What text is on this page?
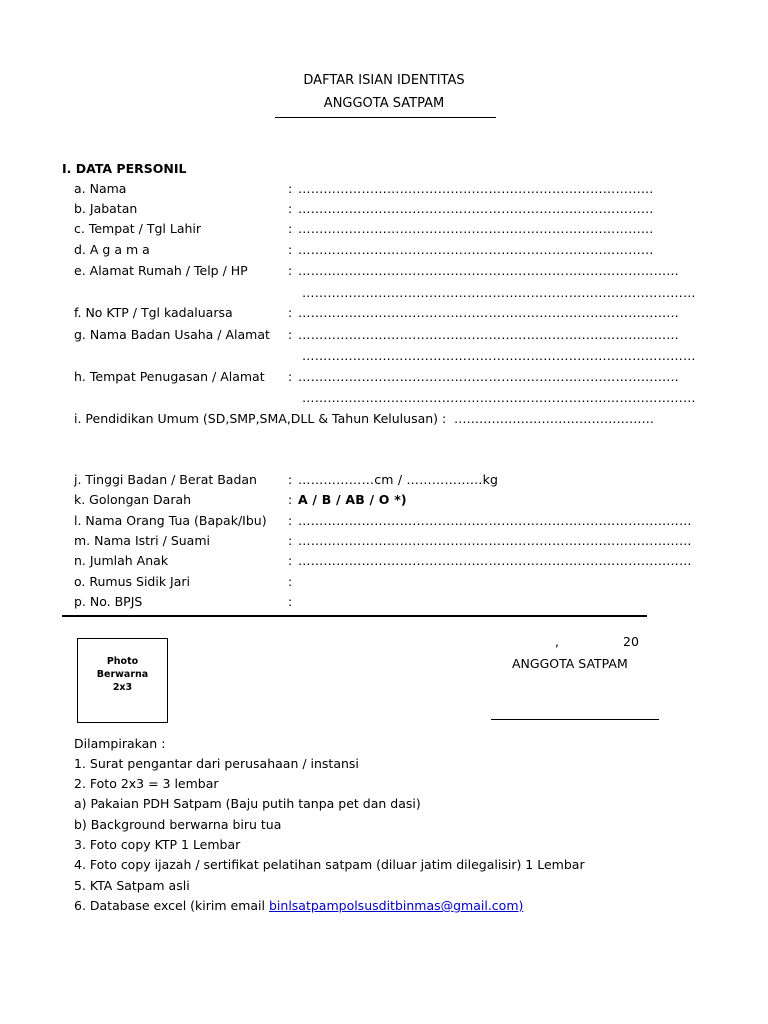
DAFTAR ISIAN IDENTITAS
ANGGOTA SATPAM
I. DATA PERSONIL
a. Nama	: …………………………………………………………………………
b. Jabatan	: …………………………………………………………………………
c. Tempat / Tgl Lahir	: …………………………………………………………………………
d. A g a m a	: …………………………………………………………………………
e. Alamat Rumah / Telp / HP	: ………………………………………………………………………………
…………………………………………………………………………………
f. No KTP / Tgl kadaluarsa	: ………………………………………………………………………………
g. Nama Badan Usaha / Alamat : ………………………………………………………………………………
…………………………………………………………………………………
h. Tempat Penugasan / Alamat : ………………………………………………………………………………
…………………………………………………………………………………
i. Pendidikan Umum (SD,SMP,SMA,DLL & Tahun Kelulusan) : …………………………………………
j. Tinggi Badan / Berat Badan : ………………cm / ………………kg
k. Golongan Darah	: A / B / AB / O *)
l. Nama Orang Tua (Bapak/Ibu) : …………………………………………………………………………………
m. Nama Istri / Suami	: …………………………………………………………………………………
n. Jumlah Anak	: …………………………………………………………………………………
o. Rumus Sidik Jari	:
p. No. BPJS	:
Photo
Berwarna
2x3
,	20
ANGGOTA SATPAM
Dilampirakan :
1. Surat pengantar dari perusahaan / instansi
2. Foto 2x3 = 3 lembar
a) Pakaian PDH Satpam (Baju putih tanpa pet dan dasi)
b) Background berwarna biru tua
3. Foto copy KTP 1 Lembar
4. Foto copy ijazah / sertifikat pelatihan satpam (diluar jatim dilegalisir) 1 Lembar
5. KTA Satpam asli
6. Database excel (kirim email binlsatpampolsusditbinmas@gmail.com)
